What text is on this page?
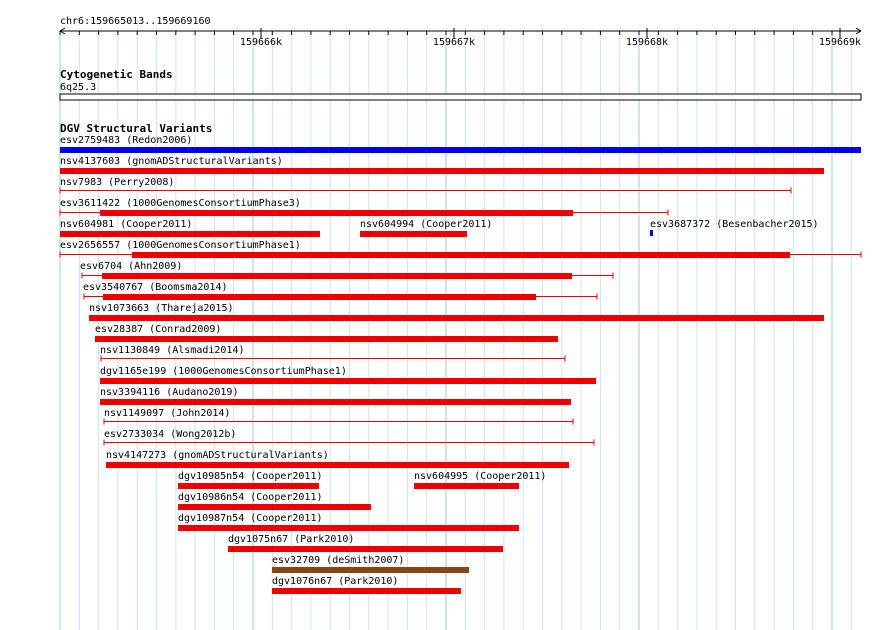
chr6:159665013..159669160
159666k	159667k	159668k	159669k
Cytogenetic Bands
6q25.3
DGV Structural Variants
esv2759483 (Redon2006)
nsv4137603 (gnomADStructuralVariants)
nsv7983 (Perry2008)
esv3611422 (1000GenomesConsortiumPhase3)
nsv604981 (Cooper2011)	nsv604994 (Cooper2011)	esv3687372 (Besenbacher2015)
esv2656557 (1000GenomesConsortiumPhase1)
esv6704 (Ahn2009)
esv3540767 (Boomsma2014)
nsv1073663 (Thareja2015)
esv28387 (Conrad2009)
nsv1130849 (Alsmadi2014)
dgv1165e199 (1000GenomesConsortiumPhase1)
nsv3394116 (Audano2019)
nsv1149097 (John2014)
esv2733034 (Wong2012b)
nsv4147273 (gnomADStructuralVariants)
dgv10985n54 (Cooper2011)	nsv604995 (Cooper2011)
dgv10986n54 (Cooper2011)
dgv10987n54 (Cooper2011)
dgv1075n67 (Park2010)
esv32709 (deSmith2007)
dgv1076n67 (Park2010)
